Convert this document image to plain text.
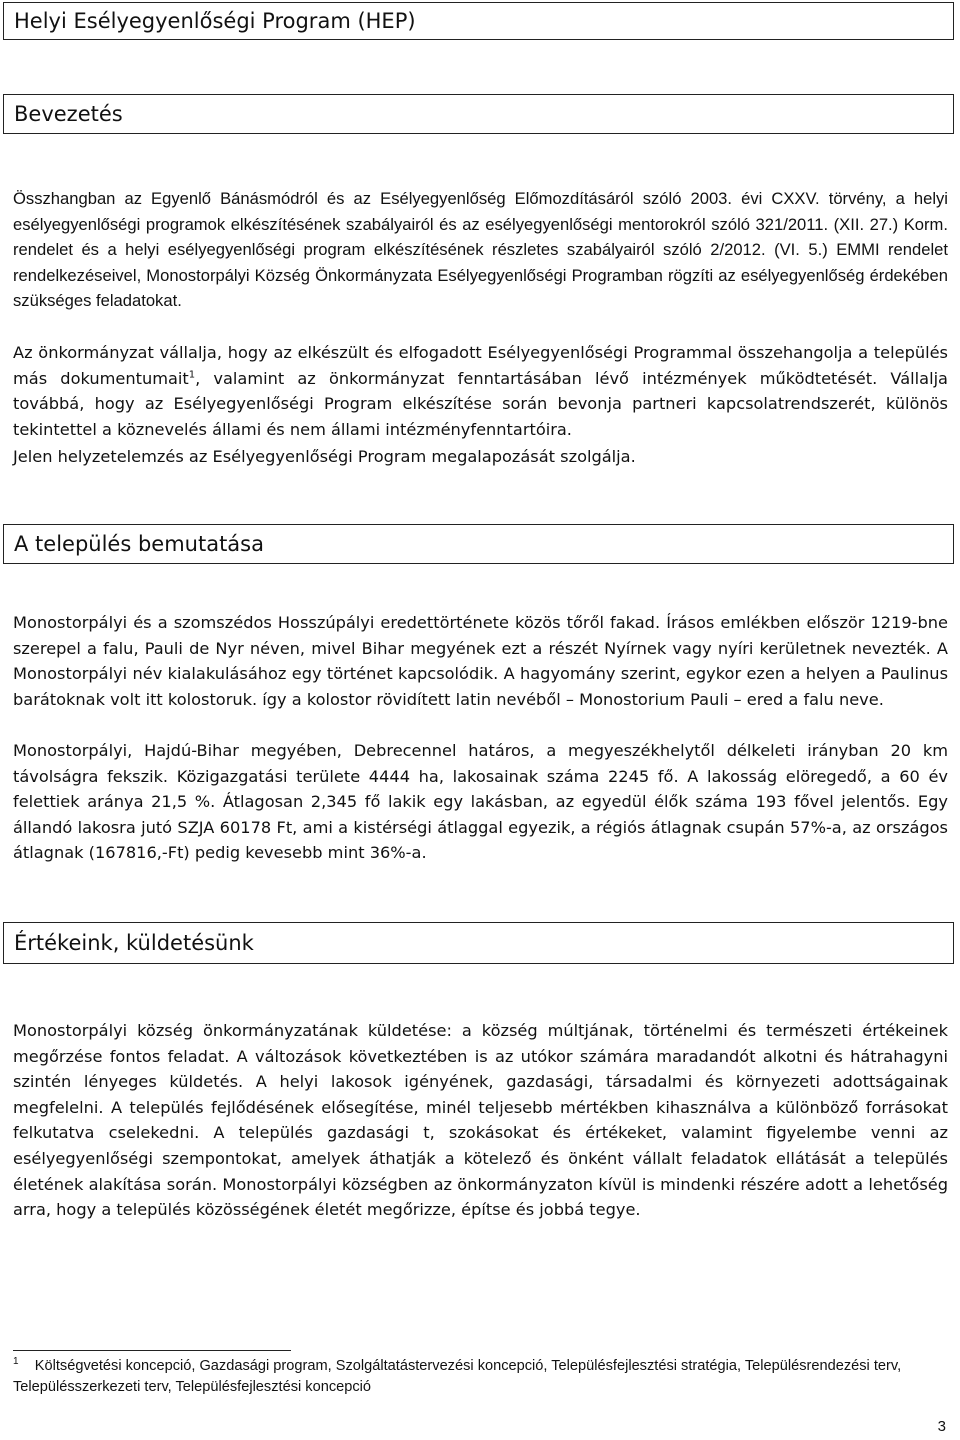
Helyi Esélyegyenlőségi Program (HEP)
Bevezetés

Összhangban az Egyenlő Bánásmódról és az Esélyegyenlőség Előmozdításáról szóló 2003. évi CXXV. törvény, a helyi esélyegyenlőségi programok elkészítésének szabályairól és az esélyegyenlőségi mentorokról szóló 321/2011. (XII. 27.) Korm. rendelet és a helyi esélyegyenlőségi program elkészítésének részletes szabályairól szóló 2/2012. (VI. 5.) EMMI rendelet rendelkezéseivel, Monostorpályi Község Önkormányzata Esélyegyenlőségi Programban rögzíti az esélyegyenlőség érdekében szükséges feladatokat.

Az önkormányzat vállalja, hogy az elkészült és elfogadott Esélyegyenlőségi Programmal összehangolja a település más dokumentumait$^1$, valamint az önkormányzat fenntartásában lévő intézmények működtetését. Vállalja továbbá, hogy az Esélyegyenlőségi Program elkészítése során bevonja partneri kapcsolatrendszerét, különös tekintettel a köznevelés állami és nem állami intézményfenntartóira.

Jelen helyzetelemzés az Esélyegyenlőségi Program megalapozását szolgálja.

A település bemutatása

Monostorpályi és a szomszédos Hosszúpályi eredettörténete közös tőről fakad. Írásos emlékben először 1219-bne szerepel a falu, Pauli de Nyr néven, mivel Bihar megyének ezt a részét Nyírnek vagy nyíri kerületnek nevezték. A Monostorpályi név kialakulásához egy történet kapcsolódik. A hagyomány szerint, egykor ezen a helyen a Paulinus barátoknak volt itt kolostoruk. így a kolostor rövidített latin nevéből – Monostorium Pauli – ered a falu neve.

Monostorpályi, Hajdú-Bihar megyében, Debrecennel határos, a megyeszékhelytől délkeleti irányban 20 km távolságra fekszik. Közigazgatási területe 4444 ha, lakosainak száma 2245 fő. A lakosság elöregedő, a 60 év felettiek aránya 21,5 %. Átlagosan 2,345 fő lakik egy lakásban, az egyedül élők száma 193 fővel jelentős. Egy állandó lakosra jutó SZJA 60178 Ft, ami a kistérségi átlaggal egyezik, a régiós átlagnak csupán 57%-a, az országos átlagnak (167816,-Ft) pedig kevesebb mint 36%-a.

Értékeink, küldetésünk

Monostorpályi község önkormányzatának küldetése: a község múltjának, történelmi és természeti értékeinek megőrzése fontos feladat. A változások következtében is az utókor számára maradandót alkotni és hátrahagyni szintén lényeges küldetés. A helyi lakosok igényének, gazdasági, társadalmi és környezeti adottságainak megfelelni. A település fejlődésének elősegítése, minél teljesebb mértékben kihasználva a különböző forrásokat felkutatva cselekedni. A település gazdasági t, szokásokat és értékeket, valamint figyelembe venni az esélyegyenlőségi szempontokat, amelyek áthatják a kötelező és önként vállalt feladatok ellátását a település életének alakítása során. Monostorpályi községben az önkormányzaton kívül is mindenki részére adott a lehetőség arra, hogy a település közösségének életét megőrizze, építse és jobbá tegye.

$^1$ Költségvetési koncepció, Gazdasági program, Szolgáltatástervezési koncepció, Településfejlesztési stratégia, Településrendezési terv, Településszerkezeti terv, Településfejlesztési koncepció

3
